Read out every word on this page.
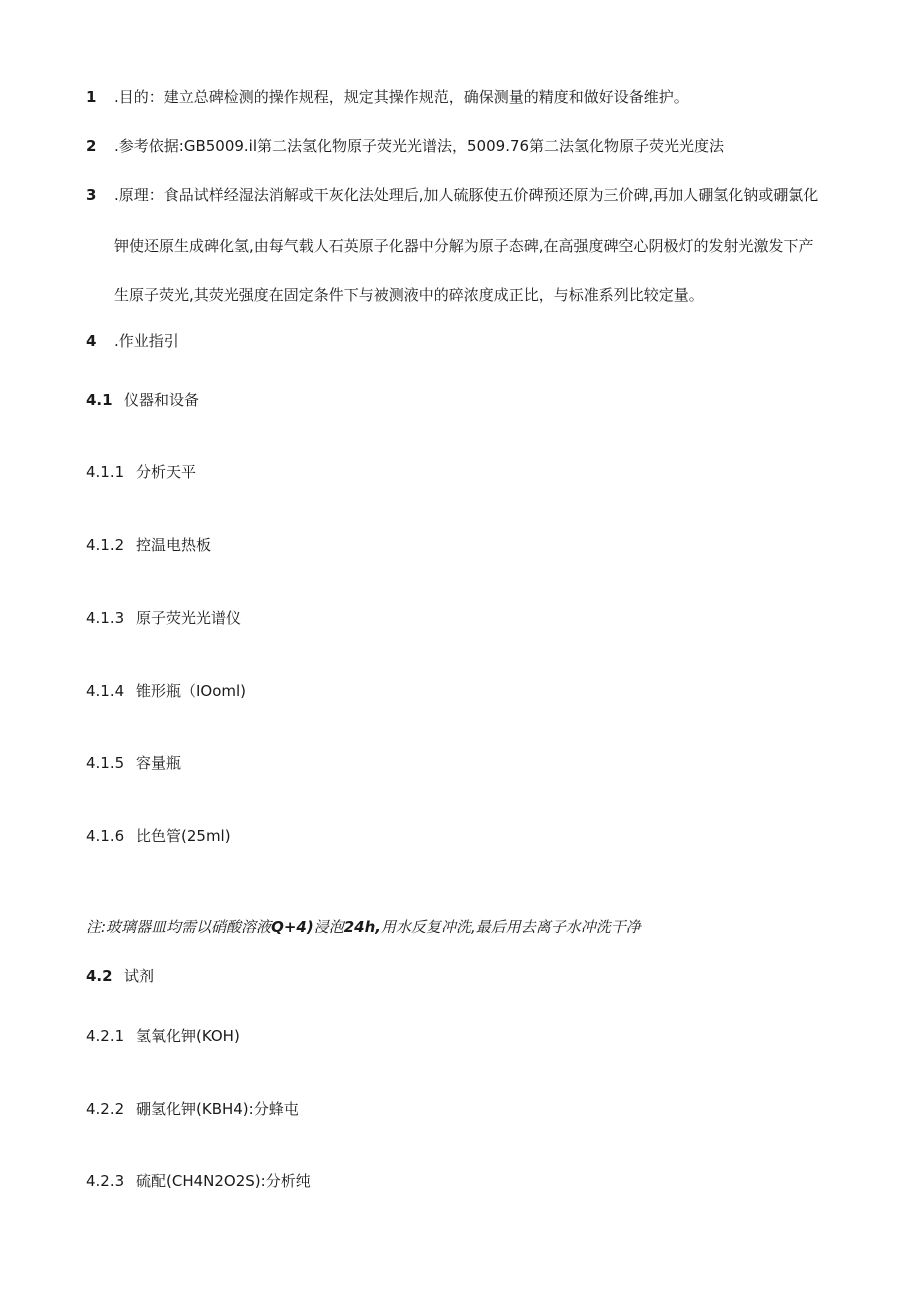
1 .目的：建立总碑检测的操作规程，规定其操作规范，确保测量的精度和做好设备维护。
2 .参考依据:GB5009.il第二法氢化物原子荧光光谱法，5009.76第二法氢化物原子荧光光度法
3 .原理：食品试样经湿法消解或干灰化法处理后,加人硫豚使五价碑预还原为三价碑,再加人硼氢化钠或硼氯化
钾使还原生成碑化氢,由每气载人石英原子化器中分解为原子态碑,在高强度碑空心阴极灯的发射光激发下产
生原子荧光,其荧光强度在固定条件下与被测液中的碎浓度成正比，与标准系列比较定量。
4 .作业指引
4.1 仪器和设备
4.1.1 分析天平
4.1.2 控温电热板
4.1.3 原子荧光光谱仪
4.1.4 锥形瓶（IOoml)
4.1.5 容量瓶
4.1.6 比色管(25ml)
注:玻璃器皿均需以硝酸溶液Q+4)浸泡24h,用水反复冲洗,最后用去离子水冲洗干净
4.2 试剂
4.2.1 氢氧化钾(KOH)
4.2.2 硼氢化钾(KBH4):分蜂屯
4.2.3 硫配(CH4N2O2S):分析纯
